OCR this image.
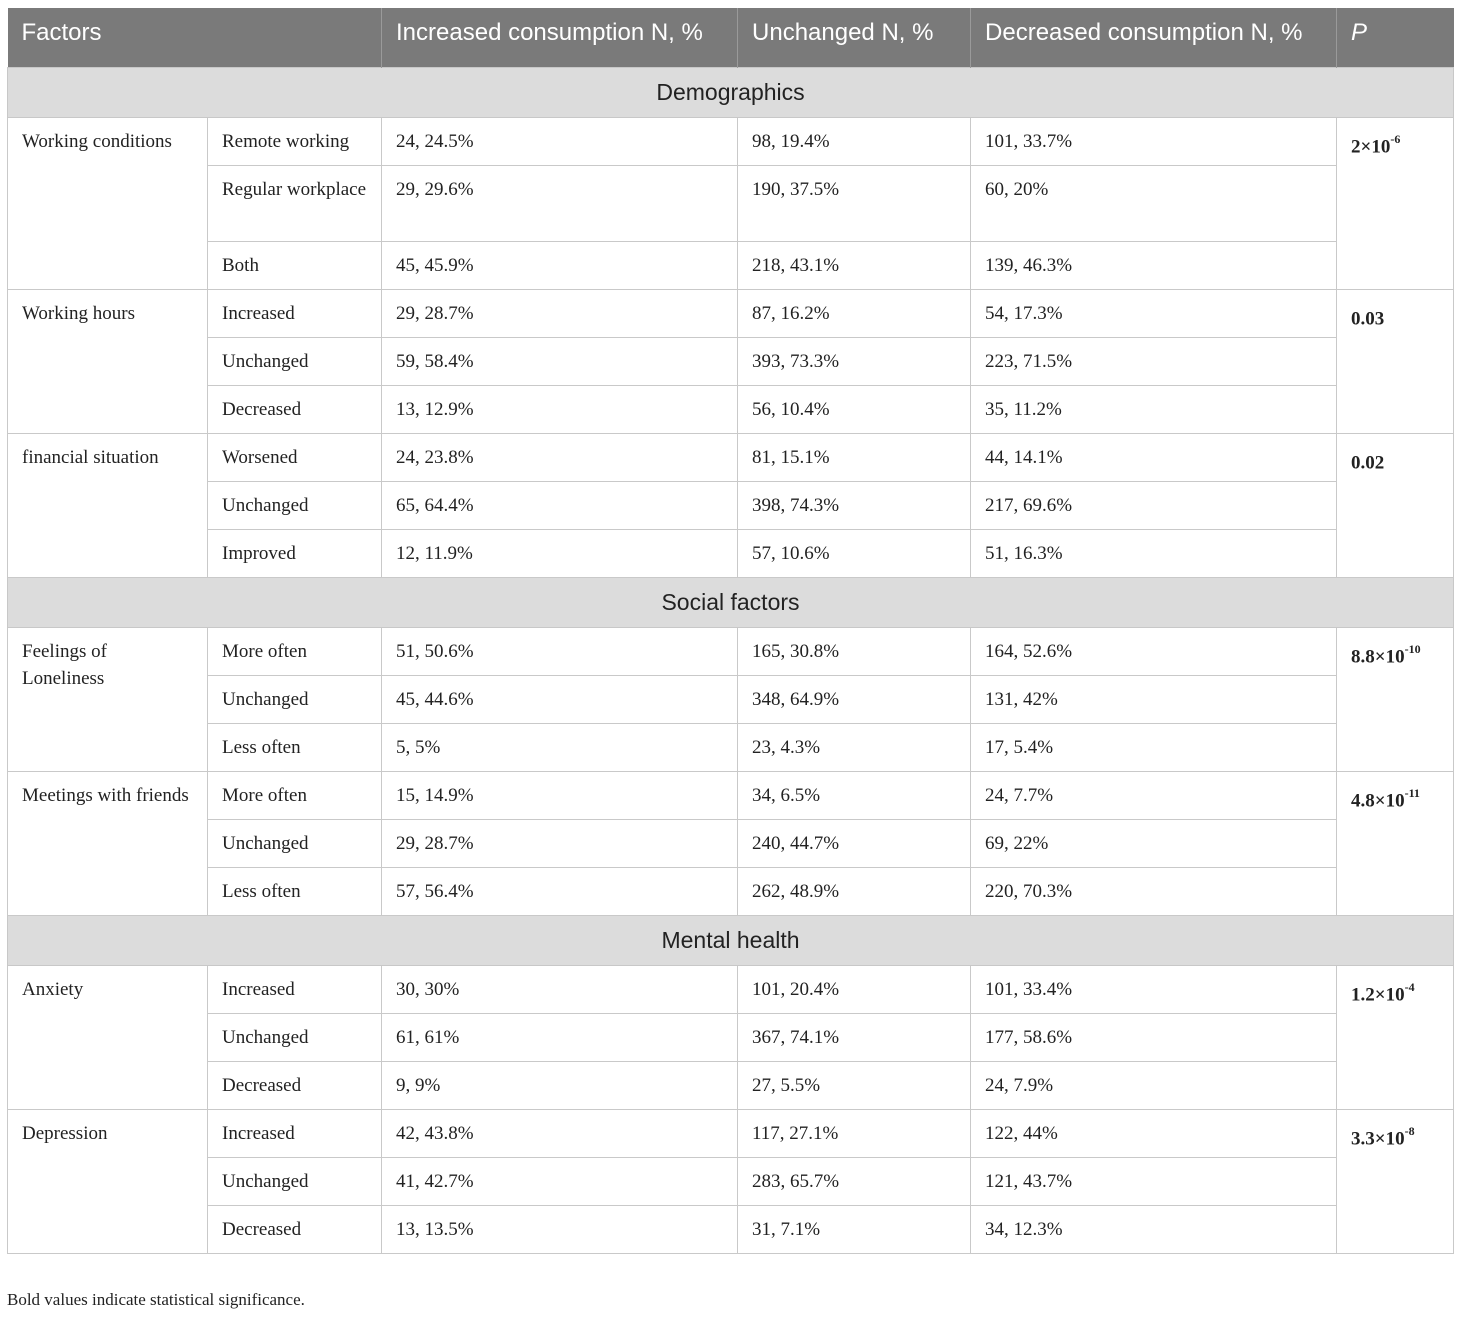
Factors		Increased consumption N, %	Unchanged N, %	Decreased consumption N, %	P
Demographics					
Working conditions	Remote working	24, 24.5%	98, 19.4%	101, 33.7%	$2\times 10^{-6}$
	Regular workplace	29, 29.6%	190, 37.5%	60, 20%	
	Both	45, 45.9%	218, 43.1%	139, 46.3%	
Working hours	Increased	29, 28.7%	87, 16.2%	54, 17.3%	0.03
	Unchanged	59, 58.4%	393, 73.3%	223, 71.5%	
	Decreased	13, 12.9%	56, 10.4%	35, 11.2%	
financial situation	Worsened	24, 23.8%	81, 15.1%	44, 14.1%	0.02
	Unchanged	65, 64.4%	398, 74.3%	217, 69.6%	
	Improved	12, 11.9%	57, 10.6%	51, 16.3%	
Social factors					
Feelings of Loneliness	More often	51, 50.6%	165, 30.8%	164, 52.6%	$8.8\times 10^{-10}$
	Unchanged	45, 44.6%	348, 64.9%	131, 42%	
	Less often	5, 5%	23, 4.3%	17, 5.4%	
Meetings with friends	More often	15, 14.9%	34, 6.5%	24, 7.7%	$4.8\times 10^{-11}$
	Unchanged	29, 28.7%	240, 44.7%	69, 22%	
	Less often	57, 56.4%	262, 48.9%	220, 70.3%	
Mental health					
Anxiety	Increased	30, 30%	101, 20.4%	101, 33.4%	$1.2\times 10^{-4}$
	Unchanged	61, 61%	367, 74.1%	177, 58.6%	
	Decreased	9, 9%	27, 5.5%	24, 7.9%	
Depression	Increased	42, 43.8%	117, 27.1%	122, 44%	$3.3\times 10^{-8}$
	Unchanged	41, 42.7%	283, 65.7%	121, 43.7%	
	Decreased	13, 13.5%	31, 7.1%	34, 12.3%	
Bold values indicate statistical significance.
